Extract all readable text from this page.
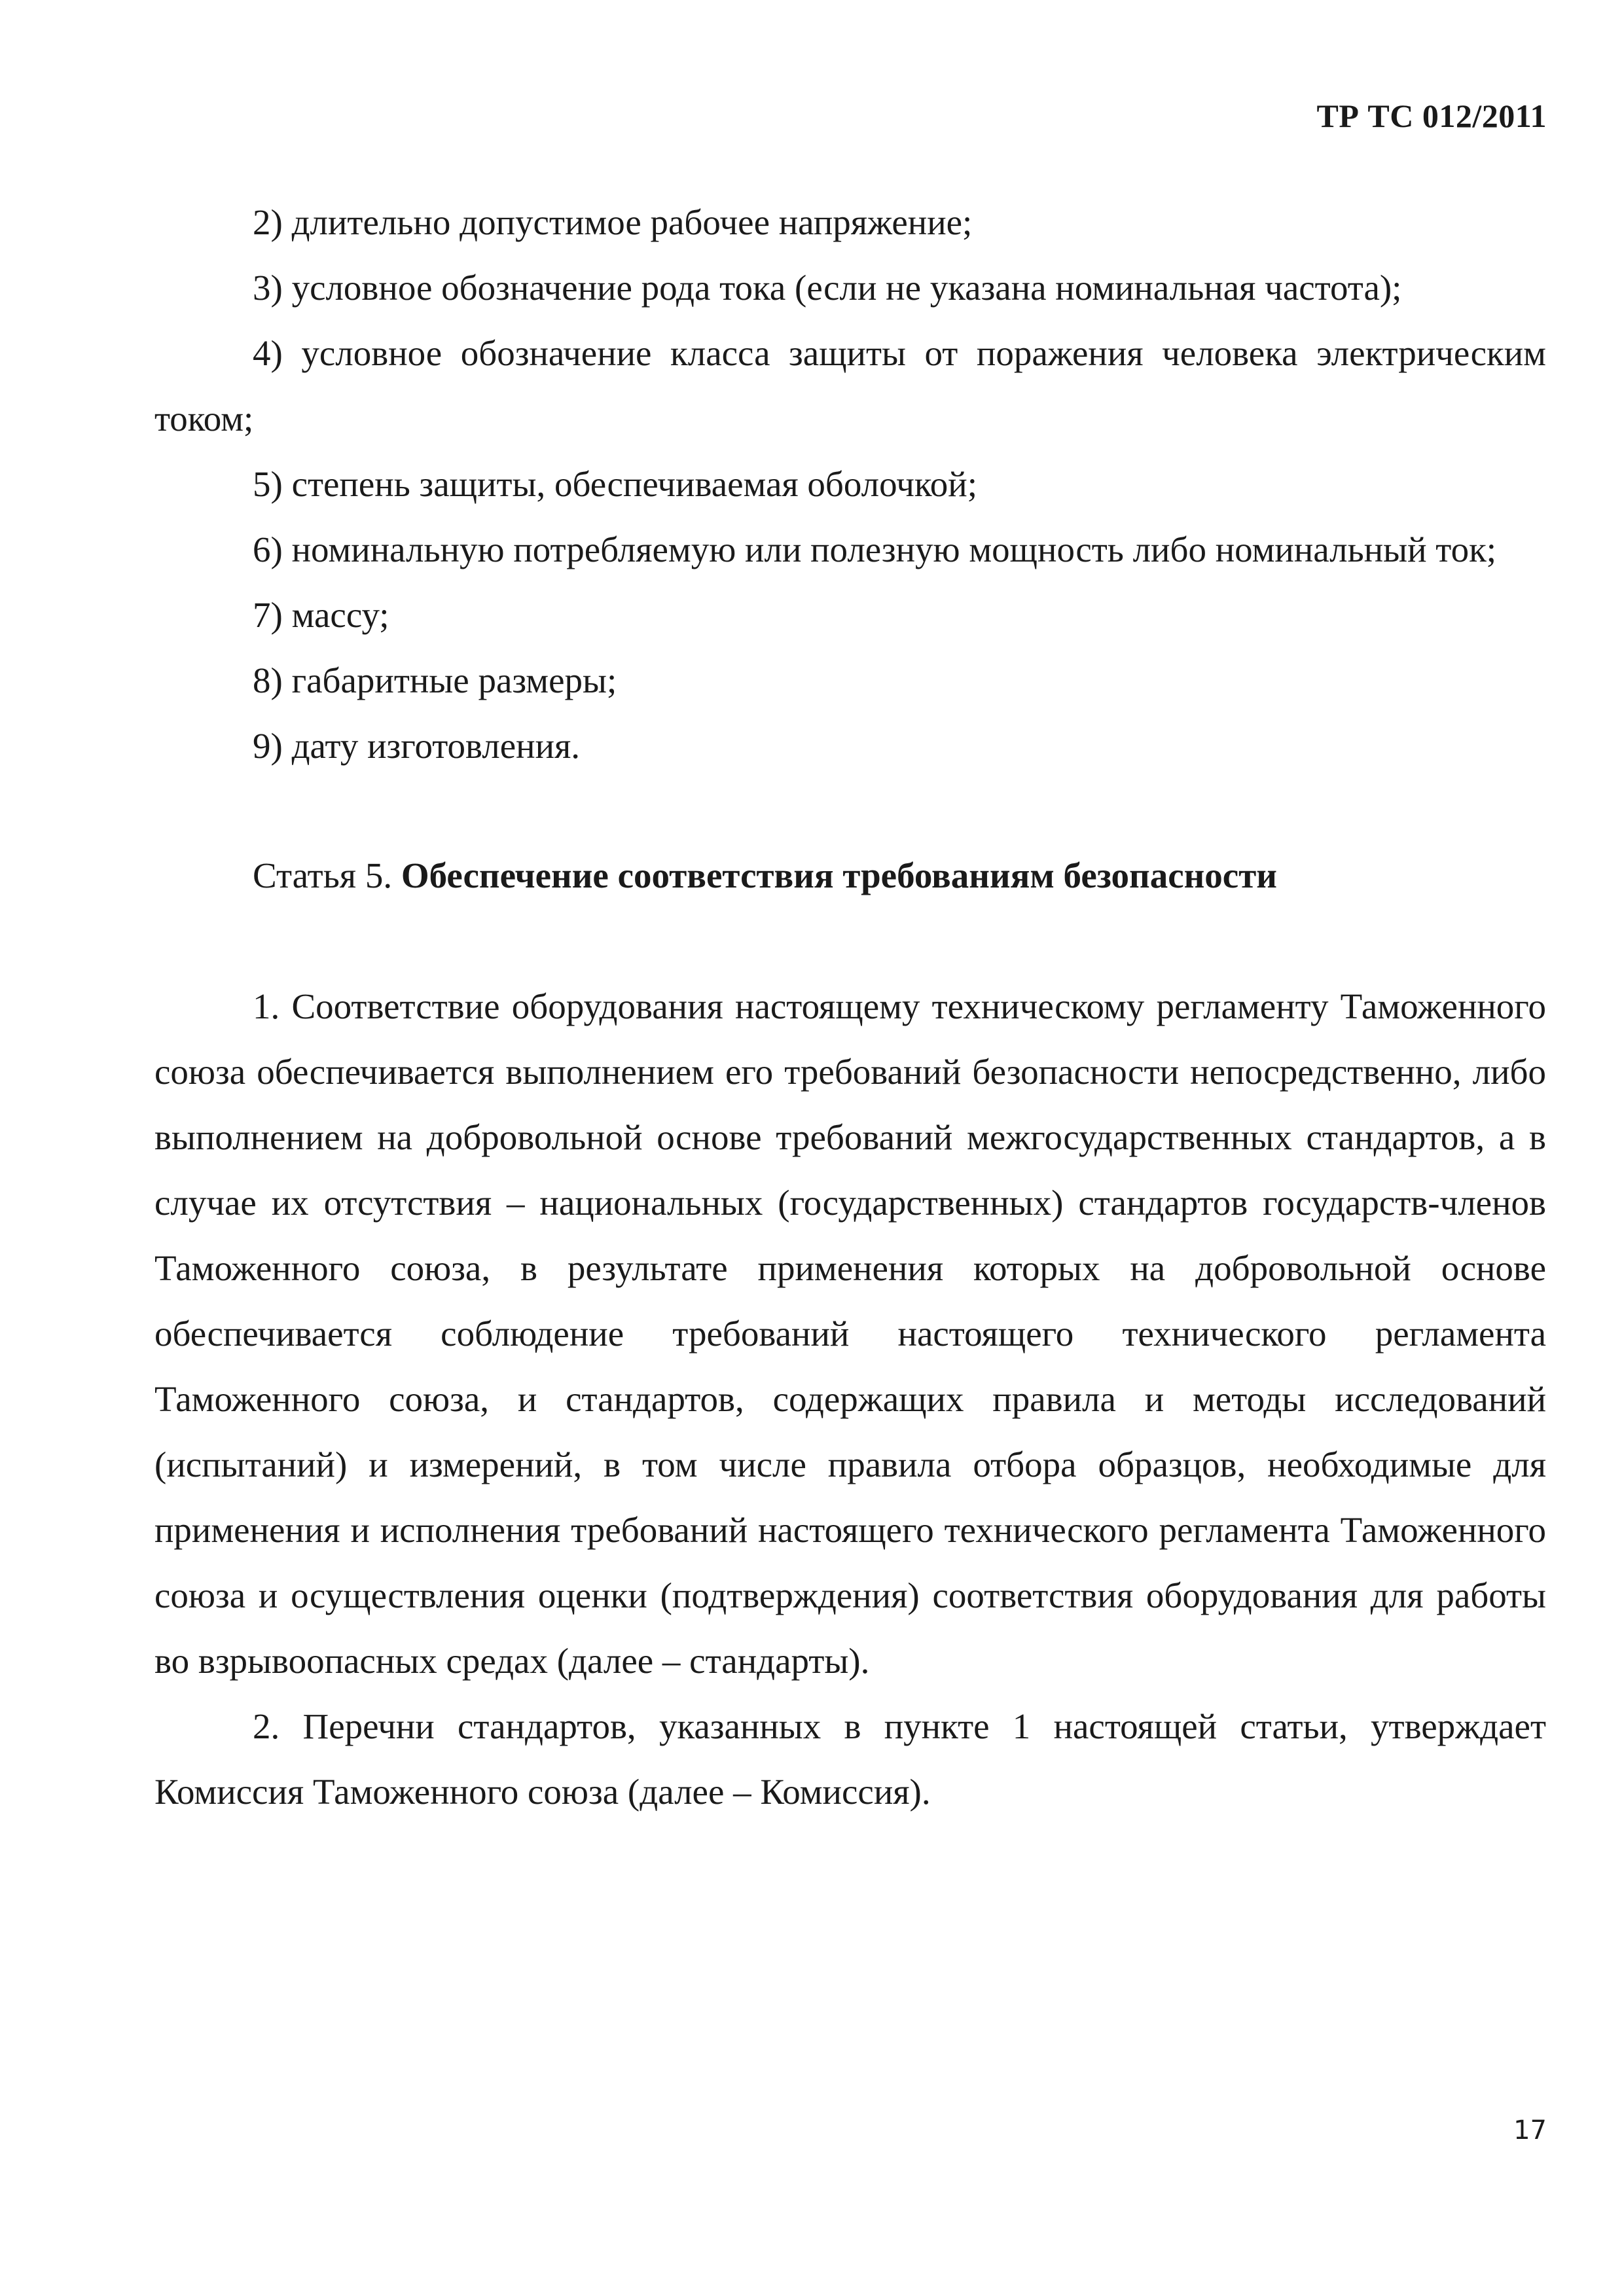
ТР ТС 012/2011

2) длительно допустимое рабочее напряжение;

3) условное обозначение рода тока (если не указана номинальная частота);

4) условное обозначение класса защиты от поражения человека электрическим током;

5) степень защиты, обеспечиваемая оболочкой;

6) номинальную потребляемую или полезную мощность либо номинальный ток;

7) массу;

8) габаритные размеры;

9) дату изготовления.

Статья 5. Обеспечение соответствия требованиям безопасности

1. Соответствие оборудования настоящему техническому регламенту Таможенного союза обеспечивается выполнением его требований безопасности непосредственно, либо выполнением на добровольной основе требований межгосударственных стандартов, а в случае их отсутствия – национальных (государственных) стандартов государств-членов Таможенного союза, в результате применения которых на добровольной основе обеспечивается соблюдение требований настоящего технического регламента Таможенного союза, и стандартов, содержащих правила и методы исследований (испытаний) и измерений, в том числе правила отбора образцов, необходимые для применения и исполнения требований настоящего технического регламента Таможенного союза и осуществления оценки (подтверждения) соответствия оборудования для работы во взрывоопасных средах (далее – стандарты).

2. Перечни стандартов, указанных в пункте 1 настоящей статьи, утверждает Комиссия Таможенного союза (далее – Комиссия).

17
